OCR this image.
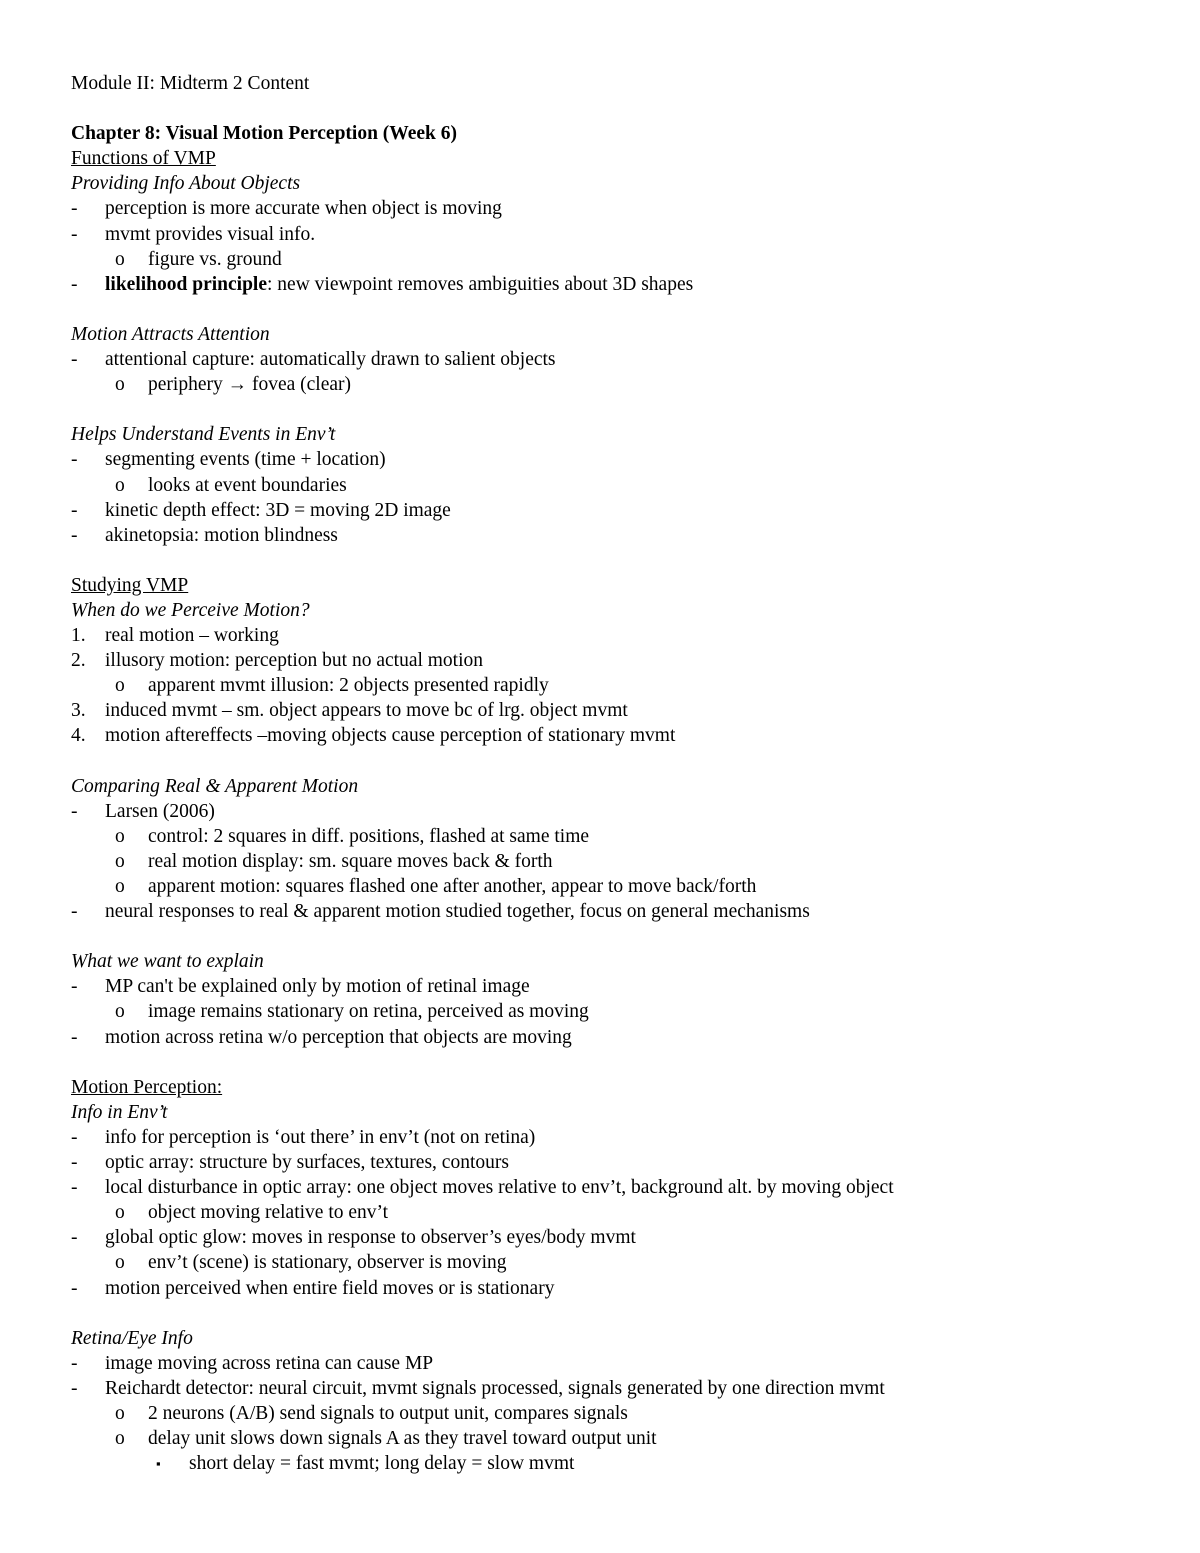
Module II: Midterm 2 Content
Chapter 8: Visual Motion Perception (Week 6)
Functions of VMP
Providing Info About Objects
- perception is more accurate when object is moving
- mvmt provides visual info.
o figure vs. ground
- likelihood principle: new viewpoint removes ambiguities about 3D shapes
Motion Attracts Attention
- attentional capture: automatically drawn to salient objects
o periphery → fovea (clear)
Helps Understand Events in Env’t
- segmenting events (time + location)
o looks at event boundaries
- kinetic depth effect: 3D = moving 2D image
- akinetopsia: motion blindness
Studying VMP
When do we Perceive Motion?
1. real motion – working
2. illusory motion: perception but no actual motion
o apparent mvmt illusion: 2 objects presented rapidly
3. induced mvmt – sm. object appears to move bc of lrg. object mvmt
4. motion aftereffects –moving objects cause perception of stationary mvmt
Comparing Real & Apparent Motion
- Larsen (2006)
o control: 2 squares in diff. positions, flashed at same time
o real motion display: sm. square moves back & forth
o apparent motion: squares flashed one after another, appear to move back/forth
- neural responses to real & apparent motion studied together, focus on general mechanisms
What we want to explain
- MP can't be explained only by motion of retinal image
o image remains stationary on retina, perceived as moving
- motion across retina w/o perception that objects are moving
Motion Perception:
Info in Env’t
- info for perception is ‘out there’ in env’t (not on retina)
- optic array: structure by surfaces, textures, contours
- local disturbance in optic array: one object moves relative to env’t, background alt. by moving object
o object moving relative to env’t
- global optic glow: moves in response to observer’s eyes/body mvmt
o env’t (scene) is stationary, observer is moving
- motion perceived when entire field moves or is stationary
Retina/Eye Info
- image moving across retina can cause MP
- Reichardt detector: neural circuit, mvmt signals processed, signals generated by one direction mvmt
o 2 neurons (A/B) send signals to output unit, compares signals
o delay unit slows down signals A as they travel toward output unit
▪ short delay = fast mvmt; long delay = slow mvmt
